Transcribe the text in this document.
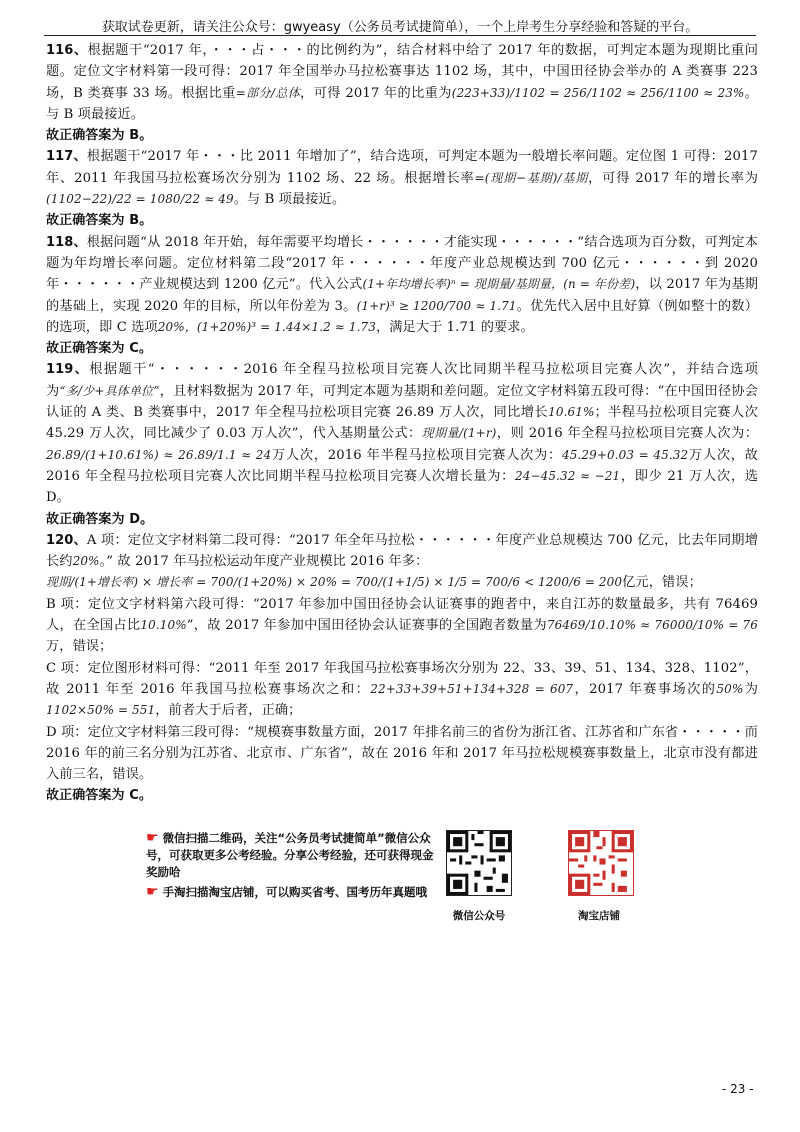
获取试卷更新，请关注公众号：gwyeasy（公务员考试捷简单），一个上岸考生分享经验和答疑的平台。

116、根据题干“2017 年，・・・占・・・的比例约为”，结合材料中给了 2017 年的数据，可判定本题为现期比重问题。定位文字材料第一段可得：2017 年全国举办马拉松赛事达 1102 场，其中，中国田径协会举办的 A 类赛事 223 场，B 类赛事 33 场。根据比重=部分/总体，可得 2017 年的比重为(223+33)/1102 = 256/1102 ≈ 256/1100 ≈ 23%。与 B 项最接近。

故正确答案为 B。

117、根据题干“2017 年・・・比 2011 年增加了”，结合选项，可判定本题为一般增长率问题。定位图 1 可得：2017 年、2011 年我国马拉松赛场次分别为 1102 场、22 场。根据增长率=(现期−基期)/基期，可得 2017 年的增长率为(1102−22)/22 = 1080/22 ≈ 49。与 B 项最接近。

故正确答案为 B。

118、根据问题“从 2018 年开始，每年需要平均增长・・・・・・才能实现・・・・・・”结合选项为百分数，可判定本题为年均增长率问题。定位材料第二段“2017 年・・・・・・年度产业总规模达到 700 亿元・・・・・・到 2020 年・・・・・・产业规模达到 1200 亿元”。代入公式(1+年均增长率)ⁿ = 现期量/基期量，(n = 年份差)，以 2017 年为基期的基础上，实现 2020 年的目标，所以年份差为 3。(1+r)³ ≥ 1200/700 ≈ 1.71。优先代入居中且好算（例如整十的数）的选项，即 C 选项20%，(1+20%)³ = 1.44×1.2 ≈ 1.73，满足大于 1.71 的要求。

故正确答案为 C。

119、根据题干“・・・・・・2016 年全程马拉松项目完赛人次比同期半程马拉松项目完赛人次”，并结合选项为“多/少+具体单位”，且材料数据为 2017 年，可判定本题为基期和差问题。定位文字材料第五段可得：“在中国田径协会认证的 A 类、B 类赛事中，2017 年全程马拉松项目完赛 26.89 万人次，同比增长10.61%；半程马拉松项目完赛人次 45.29 万人次，同比减少了 0.03 万人次”，代入基期量公式：现期量/(1+r)，则 2016 年全程马拉松项目完赛人次为：26.89/(1+10.61%) ≈ 26.89/1.1 ≈ 24万人次，2016 年半程马拉松项目完赛人次为：45.29+0.03 = 45.32万人次，故 2016 年全程马拉松项目完赛人次比同期半程马拉松项目完赛人次增长量为：24−45.32 ≈ −21，即少 21 万人次，选 D。

故正确答案为 D。

120、A 项：定位文字材料第二段可得：“2017 年全年马拉松・・・・・・年度产业总规模达 700 亿元，比去年同期增长约20%。” 故 2017 年马拉松运动年度产业规模比 2016 年多：
现期/(1+增长率) × 增长率 = 700/(1+20%) × 20% = 700/(1+1/5) × 1/5 = 700/6 < 1200/6 = 200亿元，错误；

B 项：定位文字材料第六段可得：“2017 年参加中国田径协会认证赛事的跑者中，来自江苏的数量最多，共有 76469 人，在全国占比10.10%”，故 2017 年参加中国田径协会认证赛事的全国跑者数量为76469/10.10% ≈ 76000/10% = 76万，错误；

C 项：定位图形材料可得：“2011 年至 2017 年我国马拉松赛事场次分别为 22、33、39、51、134、328、1102”，故 2011 年至 2016 年我国马拉松赛事场次之和：22+33+39+51+134+328 = 607，2017 年赛事场次的50%为1102×50% = 551，前者大于后者，正确；

D 项：定位文字材料第三段可得：“规模赛事数量方面，2017 年排名前三的省份为浙江省、江苏省和广东省・・・・・而 2016 年的前三名分别为江苏省、北京市、广东省”，故在 2016 年和 2017 年马拉松规模赛事数量上，北京市没有都进入前三名，错误。

故正确答案为 C。

☛ 微信扫描二维码，关注“公务员考试捷简单”微信公众号，可获取更多公考经验。分享公考经验，还可获得现金奖励哈
☛ 手淘扫描淘宝店铺，可以购买省考、国考历年真题哦
微信公众号	淘宝店铺
- 23 -
